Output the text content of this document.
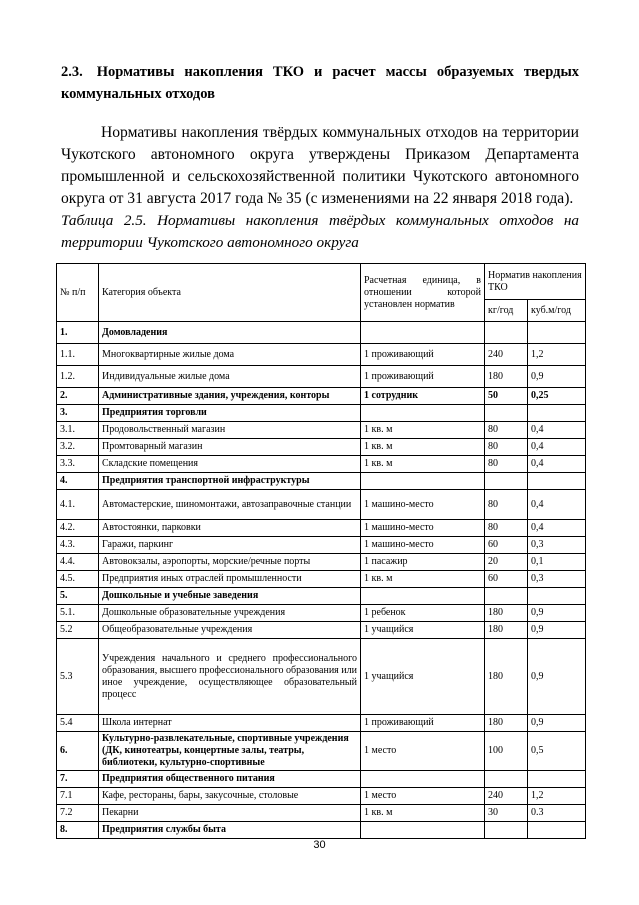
2.3. Нормативы накопления ТКО и расчет массы образуемых твердых коммунальных отходов
Нормативы накопления твёрдых коммунальных отходов на территории Чукотского автономного округа утверждены Приказом Департамента промышленной и сельскохозяйственной политики Чукотского автономного округа от 31 августа 2017 года № 35 (с изменениями на 22 января 2018 года).
Таблица 2.5. Нормативы накопления твёрдых коммунальных отходов на территории Чукотского автономного округа
№ п/п	Категория объекта	Расчетная единица, в отношении которой установлен норматив	Норматив накопления ТКО	
			кг/год	куб.м/год
1.	Домовладения			
1.1.	Многоквартирные жилые дома	1 проживающий	240	1,2
1.2.	Индивидуальные жилые дома	1 проживающий	180	0,9
2.	Административные здания, учреждения, конторы	1 сотрудник	50	0,25
3.	Предприятия торговли			
3.1.	Продовольственный магазин	1 кв. м	80	0,4
3.2.	Промтоварный магазин	1 кв. м	80	0,4
3.3.	Складские помещения	1 кв. м	80	0,4
4.	Предприятия транспортной инфраструктуры			
4.1.	Автомастерские, шиномонтажи, автозаправочные станции	1 машино-место	80	0,4
4.2.	Автостоянки, парковки	1 машино-место	80	0,4
4.3.	Гаражи, паркинг	1 машино-место	60	0,3
4.4.	Автовокзалы, аэропорты, морские/речные порты	1 пасажир	20	0,1
4.5.	Предприятия иных отраслей промышленности	1 кв. м	60	0,3
5.	Дошкольные и учебные заведения			
5.1.	Дошкольные образовательные учреждения	1 ребенок	180	0,9
5.2	Общеобразовательные учреждения	1 учащийся	180	0,9
5.3	Учреждения начального и среднего профессионального образования, высшего профессионального образования или иное учреждение, осуществляющее образовательный процесс	1 учащийся	180	0,9
5.4	Школа интернат	1 проживающий	180	0,9
6.	Культурно-развлекательные, спортивные учреждения (ДК, кинотеатры, концертные залы, театры, библиотеки, культурно-спортивные	1 место	100	0,5
7.	Предприятия общественного питания			
7.1	Кафе, рестораны, бары, закусочные, столовые	1 место	240	1,2
7.2	Пекарни	1 кв. м	30	0.3
8.	Предприятия службы быта			
30
